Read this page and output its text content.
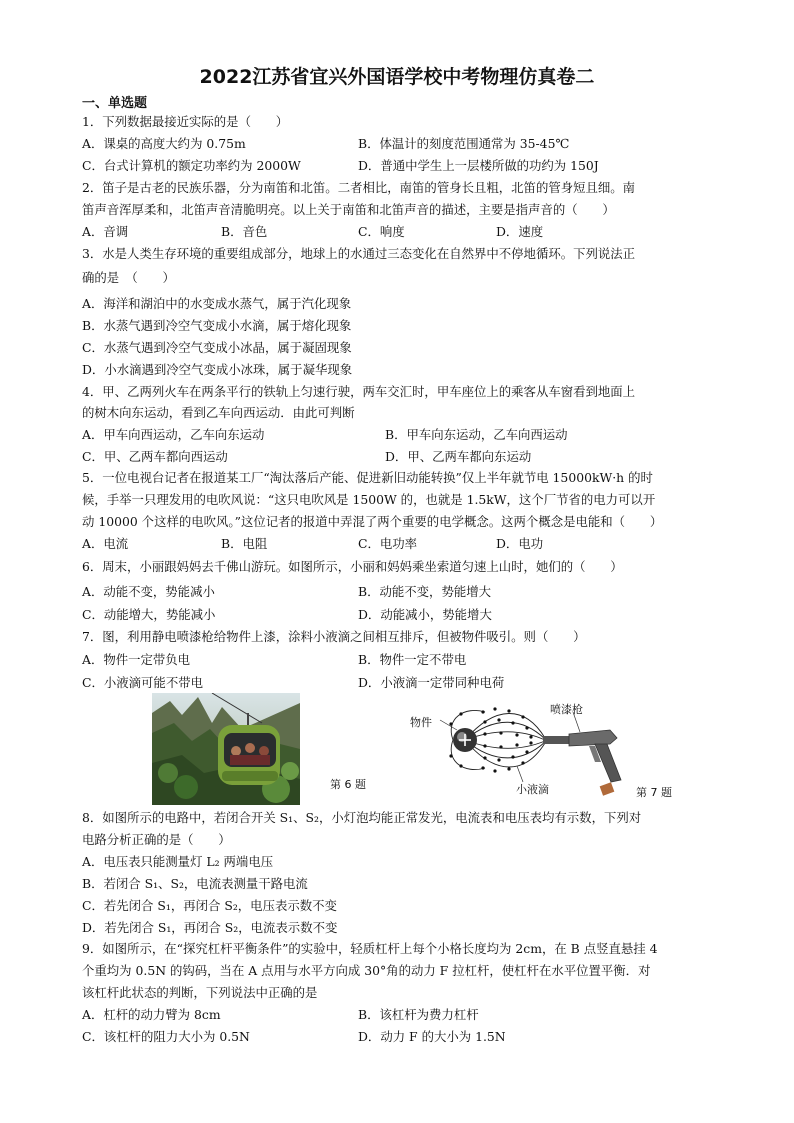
2022江苏省宜兴外国语学校中考物理仿真卷二
一、单选题
1．下列数据最接近实际的是（　　）
A．课桌的高度大约为 0.75m	B．体温计的刻度范围通常为 35-45℃
C．台式计算机的额定功率约为 2000W	D．普通中学生上一层楼所做的功约为 150J
2．笛子是古老的民族乐器，分为南笛和北笛。二者相比，南笛的管身长且粗，北笛的管身短且细。南
笛声音浑厚柔和，北笛声音清脆明亮。以上关于南笛和北笛声音的描述，主要是指声音的（　　）
A．音调	B．音色	C．响度	D．速度
3．水是人类生存环境的重要组成部分，地球上的水通过三态变化在自然界中不停地循环。下列说法正
确的是　（　　）
A．海洋和湖泊中的水变成水蒸气，属于汽化现象
B．水蒸气遇到冷空气变成小水滴，属于熔化现象
C．水蒸气遇到冷空气变成小冰晶，属于凝固现象
D．小水滴遇到冷空气变成小冰珠，属于凝华现象
4．甲、乙两列火车在两条平行的铁轨上匀速行驶，两车交汇时，甲车座位上的乘客从车窗看到地面上
的树木向东运动，看到乙车向西运动．由此可判断
A．甲车向西运动，乙车向东运动	B．甲车向东运动，乙车向西运动
C．甲、乙两车都向西运动	D．甲、乙两车都向东运动
5．一位电视台记者在报道某工厂“淘汰落后产能、促进新旧动能转换”仅上半年就节电 15000kW·h 的时
候，手举一只理发用的电吹风说：“这只电吹风是 1500W 的，也就是 1.5kW，这个厂节省的电力可以开
动 10000 个这样的电吹风。”这位记者的报道中弄混了两个重要的电学概念。这两个概念是电能和（　　）
A．电流	B．电阻	C．电功率	D．电功
6．周末，小丽跟妈妈去千佛山游玩。如图所示，小丽和妈妈乘坐索道匀速上山时，她们的（　　）
A．动能不变，势能减小	B．动能不变，势能增大
C．动能增大，势能减小	D．动能减小，势能增大
7．图，利用静电喷漆枪给物件上漆，涂料小液滴之间相互排斥，但被物件吸引。则（　　）
A．物件一定带负电	B．物件一定不带电
C．小液滴可能不带电	D．小液滴一定带同种电荷
第 6 题
物件
喷漆枪
小液滴	第 7 题
8．如图所示的电路中，若闭合开关 S₁、S₂，小灯泡均能正常发光，电流表和电压表均有示数，下列对
电路分析正确的是（　　）
A．电压表只能测量灯 L₂ 两端电压
B．若闭合 S₁、S₂，电流表测量干路电流
C．若先闭合 S₁，再闭合 S₂，电压表示数不变
D．若先闭合 S₁，再闭合 S₂，电流表示数不变
9．如图所示，在“探究杠杆平衡条件”的实验中，轻质杠杆上每个小格长度均为 2cm，在 B 点竖直悬挂 4
个重均为 0.5N 的钩码，当在 A 点用与水平方向成 30°角的动力 F 拉杠杆，使杠杆在水平位置平衡．对
该杠杆此状态的判断，下列说法中正确的是
A．杠杆的动力臂为 8cm	B．该杠杆为费力杠杆
C．该杠杆的阻力大小为 0.5N	D．动力 F 的大小为 1.5N
